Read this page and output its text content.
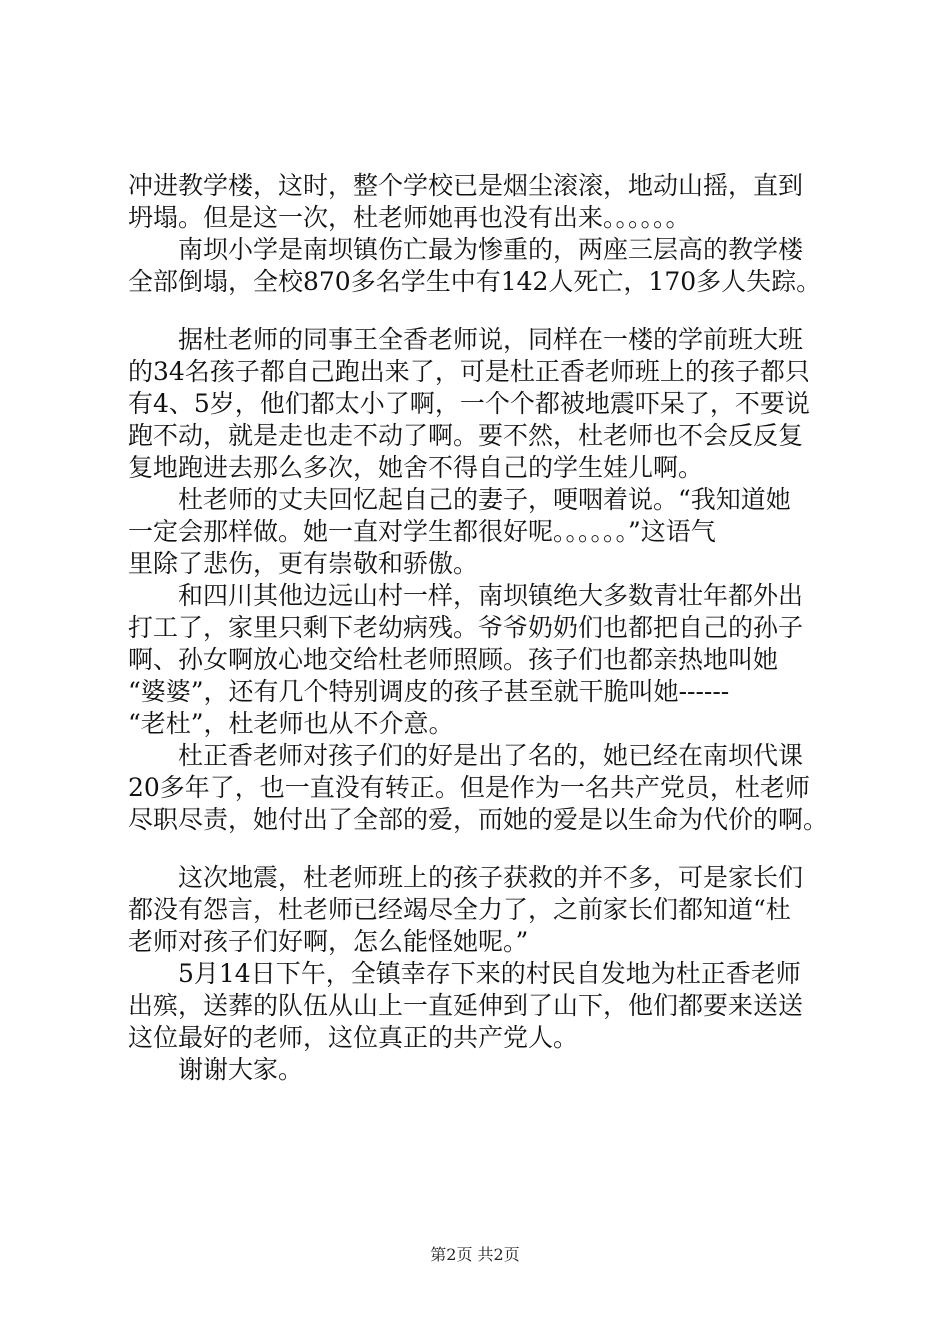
冲进教学楼，这时，整个学校已是烟尘滚滚，地动山摇，直到
坍塌。但是这一次，杜老师她再也没有出来。。。。。。
南坝小学是南坝镇伤亡最为惨重的，两座三层高的教学楼
全部倒塌，全校870多名学生中有142人死亡，170多人失踪。
据杜老师的同事王全香老师说，同样在一楼的学前班大班
的34名孩子都自己跑出来了，可是杜正香老师班上的孩子都只
有4、5岁，他们都太小了啊，一个个都被地震吓呆了，不要说
跑不动，就是走也走不动了啊。要不然，杜老师也不会反反复
复地跑进去那么多次，她舍不得自己的学生娃儿啊。
杜老师的丈夫回忆起自己的妻子，哽咽着说。“我知道她
一定会那样做。她一直对学生都很好呢。。。。。。”这语气
里除了悲伤，更有崇敬和骄傲。
和四川其他边远山村一样，南坝镇绝大多数青壮年都外出
打工了，家里只剩下老幼病残。爷爷奶奶们也都把自己的孙子
啊、孙女啊放心地交给杜老师照顾。孩子们也都亲热地叫她
“婆婆”，还有几个特别调皮的孩子甚至就干脆叫她------
“老杜”，杜老师也从不介意。
杜正香老师对孩子们的好是出了名的，她已经在南坝代课
20多年了，也一直没有转正。但是作为一名共产党员，杜老师
尽职尽责，她付出了全部的爱，而她的爱是以生命为代价的啊。
这次地震，杜老师班上的孩子获救的并不多，可是家长们
都没有怨言，杜老师已经竭尽全力了，之前家长们都知道“杜
老师对孩子们好啊，怎么能怪她呢。”
5月14日下午，全镇幸存下来的村民自发地为杜正香老师
出殡，送葬的队伍从山上一直延伸到了山下，他们都要来送送
这位最好的老师，这位真正的共产党人。
谢谢大家。
第2页 共2页
